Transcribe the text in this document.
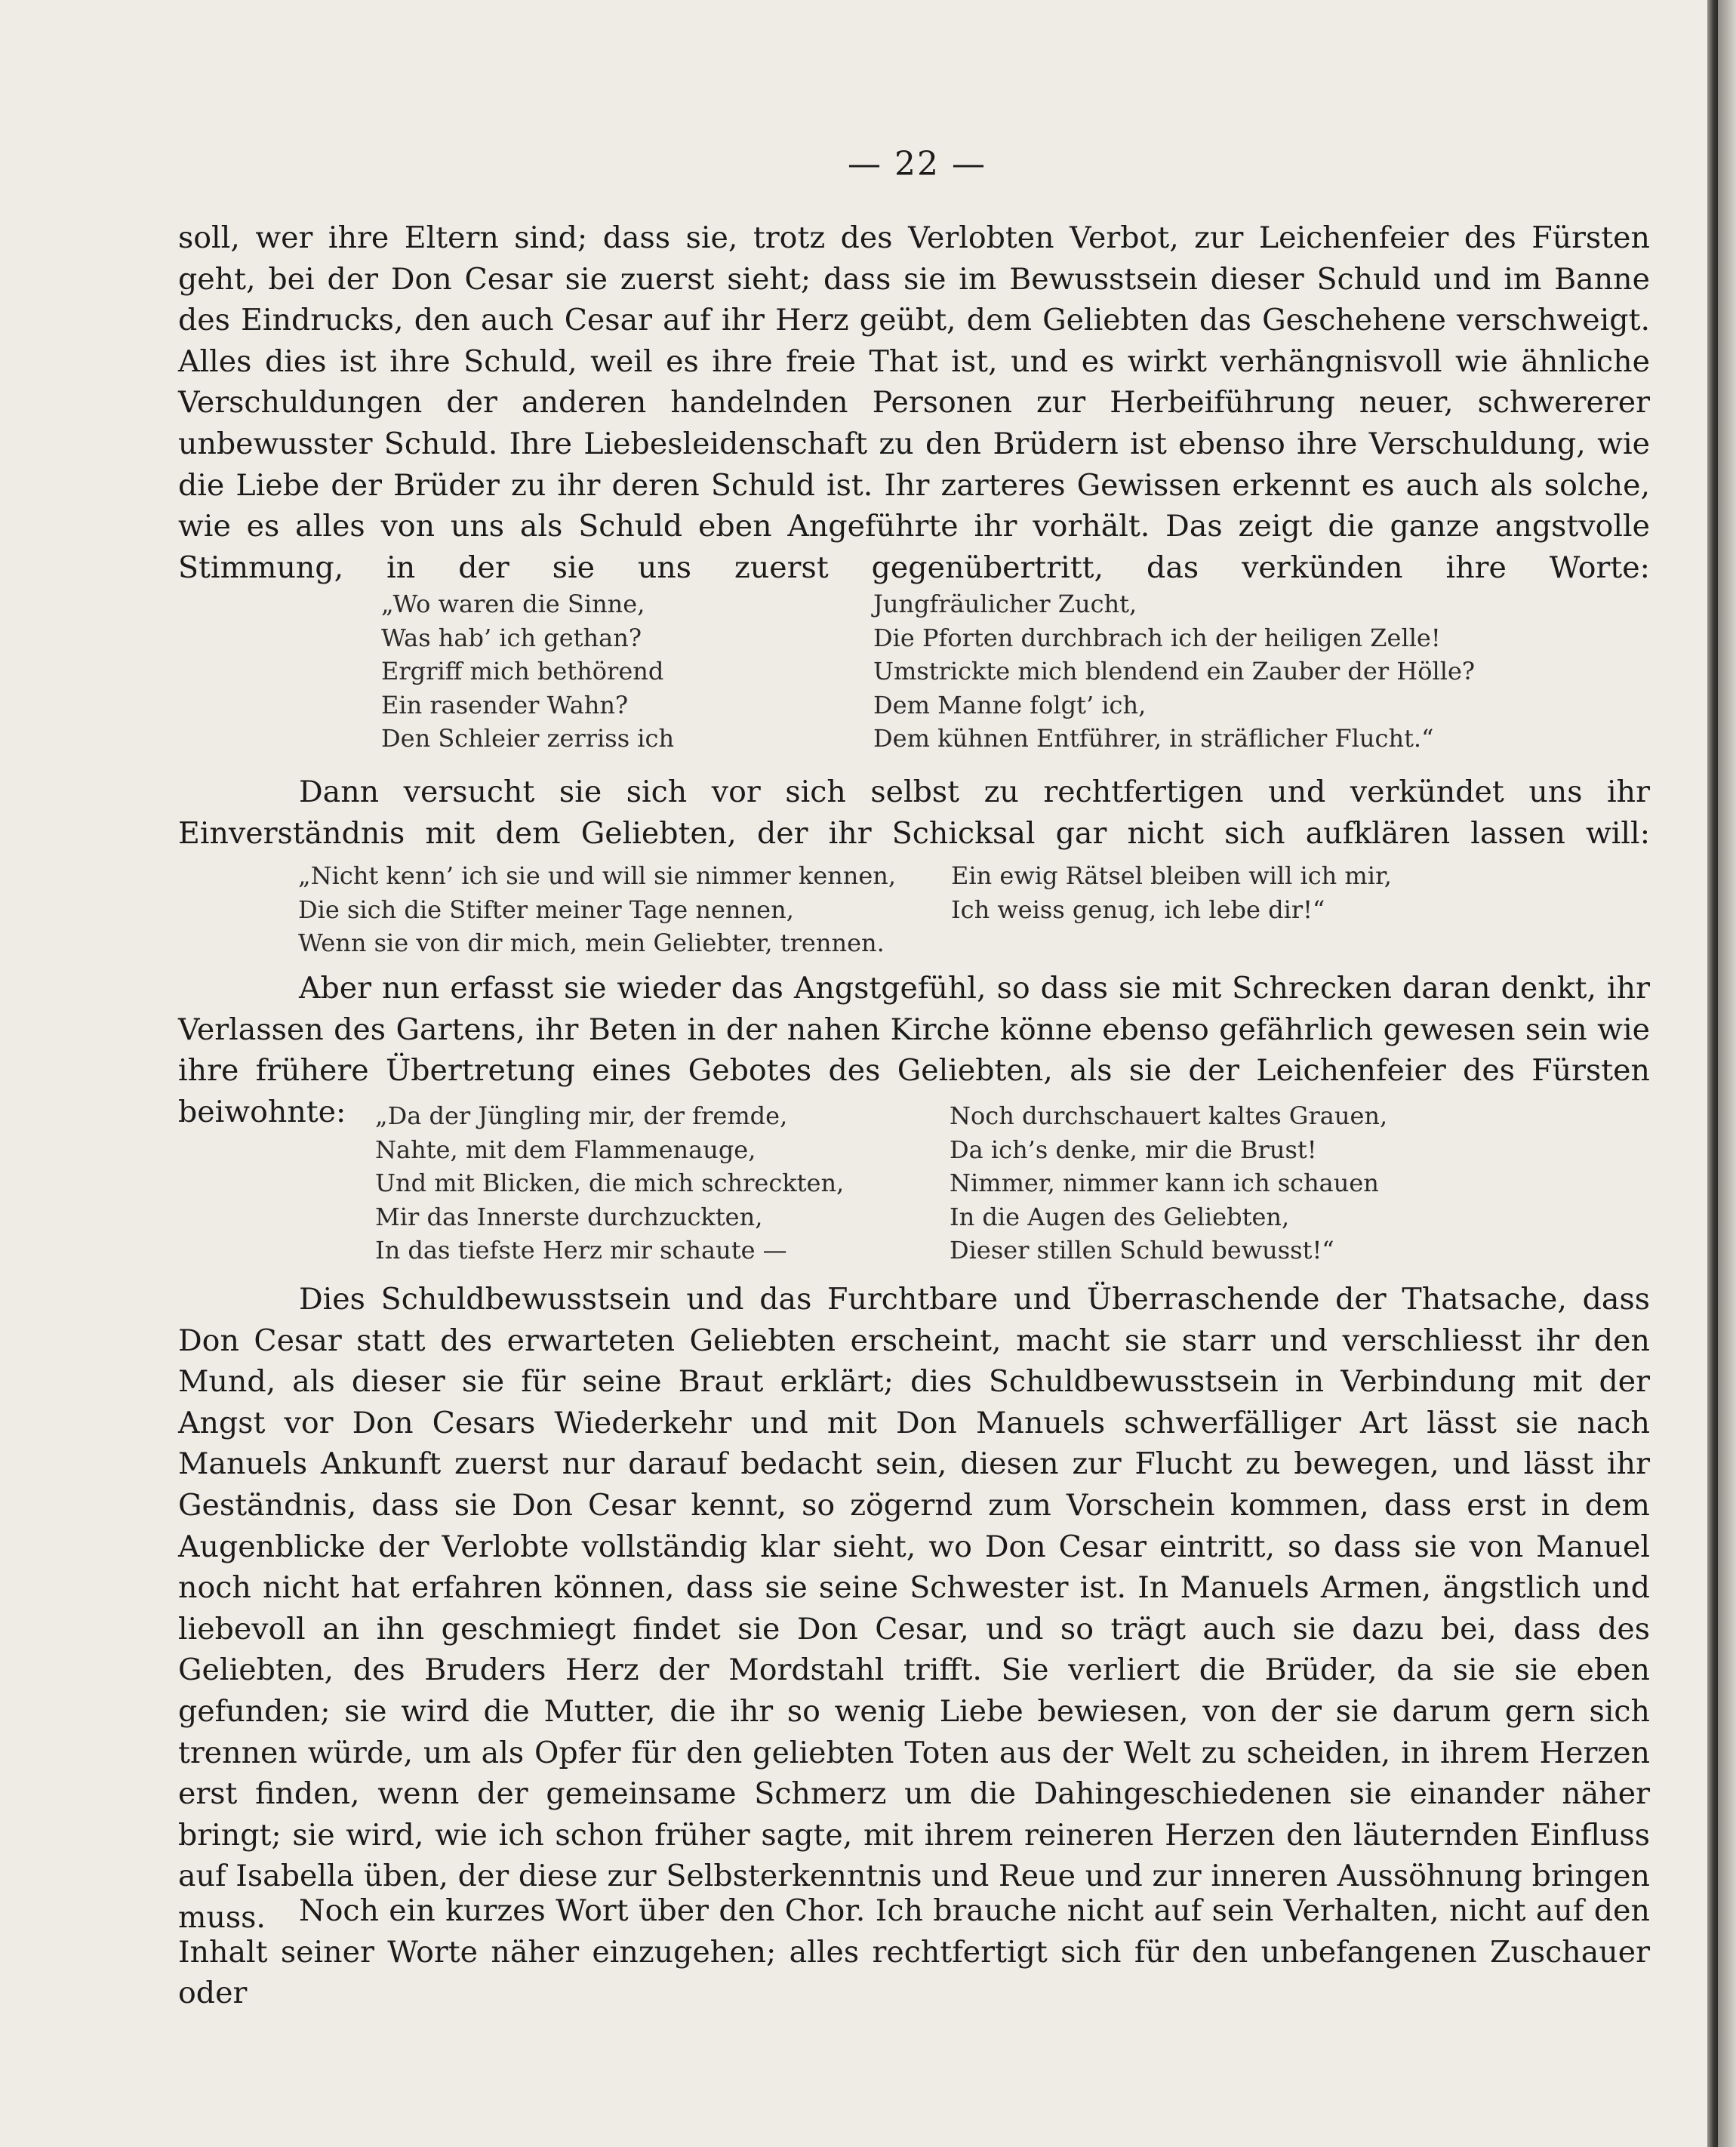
— 22 —

soll, wer ihre Eltern sind; dass sie, trotz des Verlobten Verbot, zur Leichenfeier des Fürsten geht, bei der Don Cesar sie zuerst sieht; dass sie im Bewusstsein dieser Schuld und im Banne des Eindrucks, den auch Cesar auf ihr Herz geübt, dem Geliebten das Geschehene verschweigt. Alles dies ist ihre Schuld, weil es ihre freie That ist, und es wirkt verhängnisvoll wie ähnliche Verschuldungen der anderen handelnden Personen zur Herbeiführung neuer, schwererer unbewusster Schuld. Ihre Liebesleidenschaft zu den Brüdern ist ebenso ihre Verschuldung, wie die Liebe der Brüder zu ihr deren Schuld ist. Ihr zarteres Gewissen erkennt es auch als solche, wie es alles von uns als Schuld eben Angeführte ihr vorhält. Das zeigt die ganze angstvolle Stimmung, in der sie uns zuerst gegenübertritt, das verkünden ihre Worte:

„Wo waren die Sinne,
Was hab’ ich gethan?
Ergriff mich bethörend
Ein rasender Wahn?
Den Schleier zerriss ich
Jungfräulicher Zucht,
Die Pforten durchbrach ich der heiligen Zelle!
Umstrickte mich blendend ein Zauber der Hölle?
Dem Manne folgt’ ich,
Dem kühnen Entführer, in sträflicher Flucht.“

Dann versucht sie sich vor sich selbst zu rechtfertigen und verkündet uns ihr Einverständnis mit dem Geliebten, der ihr Schicksal gar nicht sich aufklären lassen will:

„Nicht kenn’ ich sie und will sie nimmer kennen,
Die sich die Stifter meiner Tage nennen,
Wenn sie von dir mich, mein Geliebter, trennen.
Ein ewig Rätsel bleiben will ich mir,
Ich weiss genug, ich lebe dir!“

Aber nun erfasst sie wieder das Angstgefühl, so dass sie mit Schrecken daran denkt, ihr Verlassen des Gartens, ihr Beten in der nahen Kirche könne ebenso gefährlich gewesen sein wie ihre frühere Übertretung eines Gebotes des Geliebten, als sie der Leichenfeier des Fürsten beiwohnte:	„Da der Jüngling mir, der fremde,
Nahte, mit dem Flammenauge,
Und mit Blicken, die mich schreckten,
Mir das Innerste durchzuckten,
In das tiefste Herz mir schaute —
Noch durchschauert kaltes Grauen,
Da ich’s denke, mir die Brust!
Nimmer, nimmer kann ich schauen
In die Augen des Geliebten,
Dieser stillen Schuld bewusst!“

Dies Schuldbewusstsein und das Furchtbare und Überraschende der Thatsache, dass Don Cesar statt des erwarteten Geliebten erscheint, macht sie starr und verschliesst ihr den Mund, als dieser sie für seine Braut erklärt; dies Schuldbewusstsein in Verbindung mit der Angst vor Don Cesars Wiederkehr und mit Don Manuels schwerfälliger Art lässt sie nach Manuels Ankunft zuerst nur darauf bedacht sein, diesen zur Flucht zu bewegen, und lässt ihr Geständnis, dass sie Don Cesar kennt, so zögernd zum Vorschein kommen, dass erst in dem Augenblicke der Verlobte vollständig klar sieht, wo Don Cesar eintritt, so dass sie von Manuel noch nicht hat erfahren können, dass sie seine Schwester ist. In Manuels Armen, ängstlich und liebevoll an ihn geschmiegt findet sie Don Cesar, und so trägt auch sie dazu bei, dass des Geliebten, des Bruders Herz der Mordstahl trifft. Sie verliert die Brüder, da sie sie eben gefunden; sie wird die Mutter, die ihr so wenig Liebe bewiesen, von der sie darum gern sich trennen würde, um als Opfer für den geliebten Toten aus der Welt zu scheiden, in ihrem Herzen erst finden, wenn der gemeinsame Schmerz um die Dahingeschiedenen sie einander näher bringt; sie wird, wie ich schon früher sagte, mit ihrem reineren Herzen den läuternden Einfluss auf Isabella üben, der diese zur Selbsterkenntnis und Reue und zur inneren Aussöhnung bringen muss.	Noch ein kurzes Wort über den Chor. Ich brauche nicht auf sein Verhalten, nicht auf den Inhalt seiner Worte näher einzugehen; alles rechtfertigt sich für den unbefangenen Zuschauer oder
